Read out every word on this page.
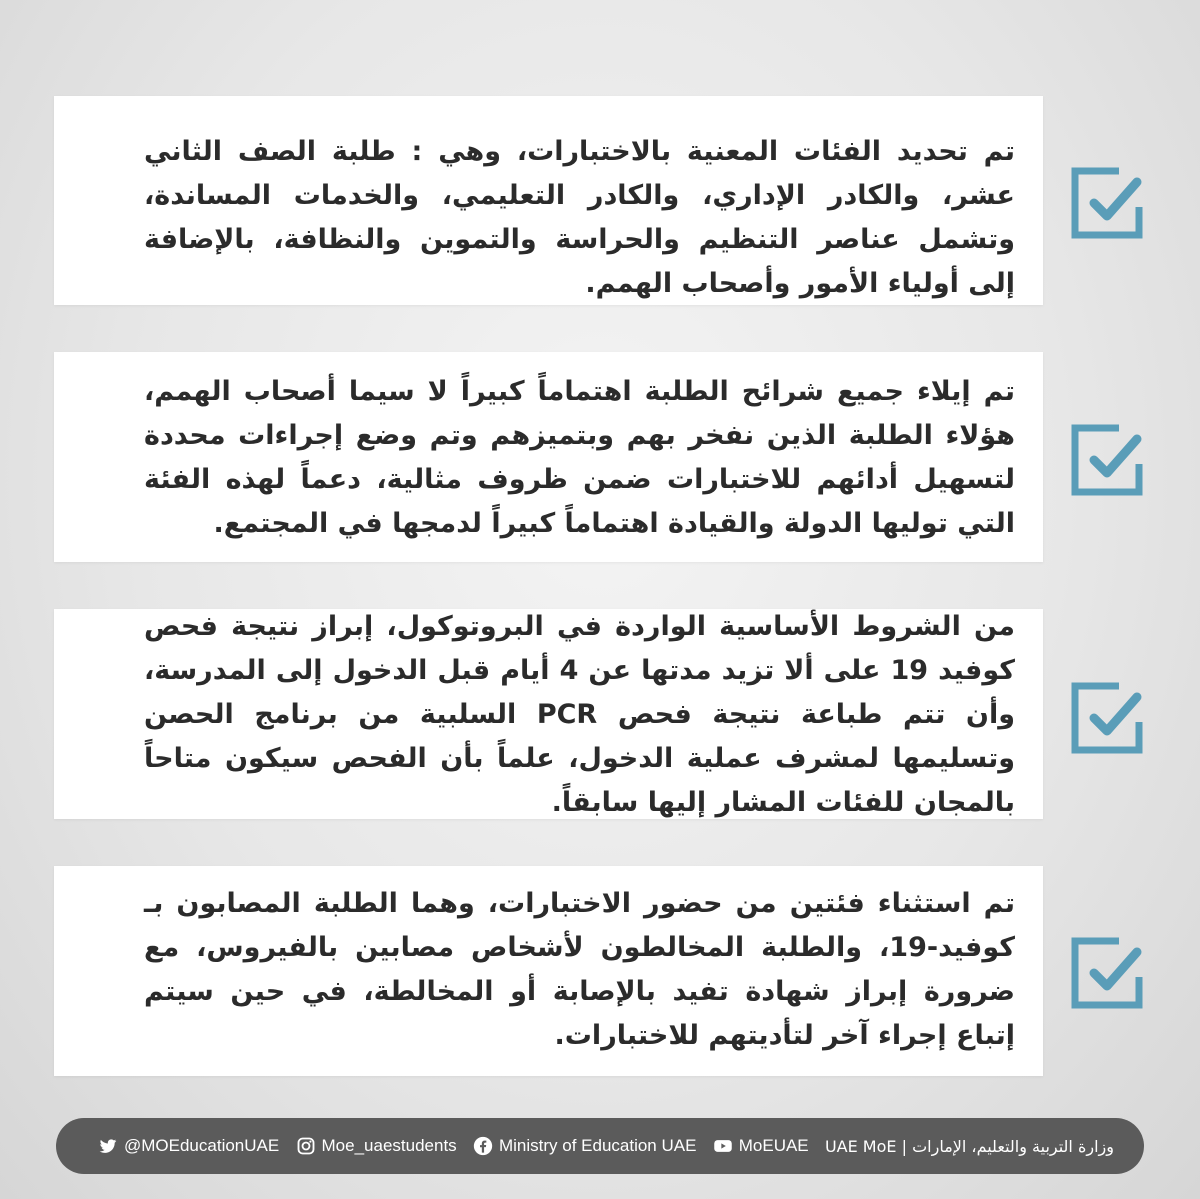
تم تحديد الفئات المعنية بالاختبارات، وهي : طلبة الصف الثاني عشر، والكادر الإداري، والكادر التعليمي، والخدمات المساندة، وتشمل عناصر التنظيم والحراسة والتموين والنظافة، بالإضافة إلى أولياء الأمور وأصحاب الهمم.

تم إيلاء جميع شرائح الطلبة اهتماماً كبيراً لا سيما أصحاب الهمم، هؤلاء الطلبة الذين نفخر بهم وبتميزهم وتم وضع إجراءات محددة لتسهيل أدائهم للاختبارات ضمن ظروف مثالية، دعماً لهذه الفئة التي توليها الدولة والقيادة اهتماماً كبيراً لدمجها في المجتمع.

من الشروط الأساسية الواردة في البروتوكول، إبراز نتيجة فحص كوفيد 19 على ألا تزيد مدتها عن 4 أيام قبل الدخول إلى المدرسة، وأن تتم طباعة نتيجة فحص PCR السلبية من برنامج الحصن وتسليمها لمشرف عملية الدخول، علماً بأن الفحص سيكون متاحاً بالمجان للفئات المشار إليها سابقاً.

تم استثناء فئتين من حضور الاختبارات، وهما الطلبة المصابون بـ كوفيد-19، والطلبة المخالطون لأشخاص مصابين بالفيروس، مع ضرورة إبراز شهادة تفيد بالإصابة أو المخالطة، في حين سيتم إتباع إجراء آخر لتأديتهم للاختبارات.

@MOEducationUAE Moe_uaestudents Ministry of Education UAE MoEUAE وزارة التربية والتعليم، الإمارات | UAE MoE
